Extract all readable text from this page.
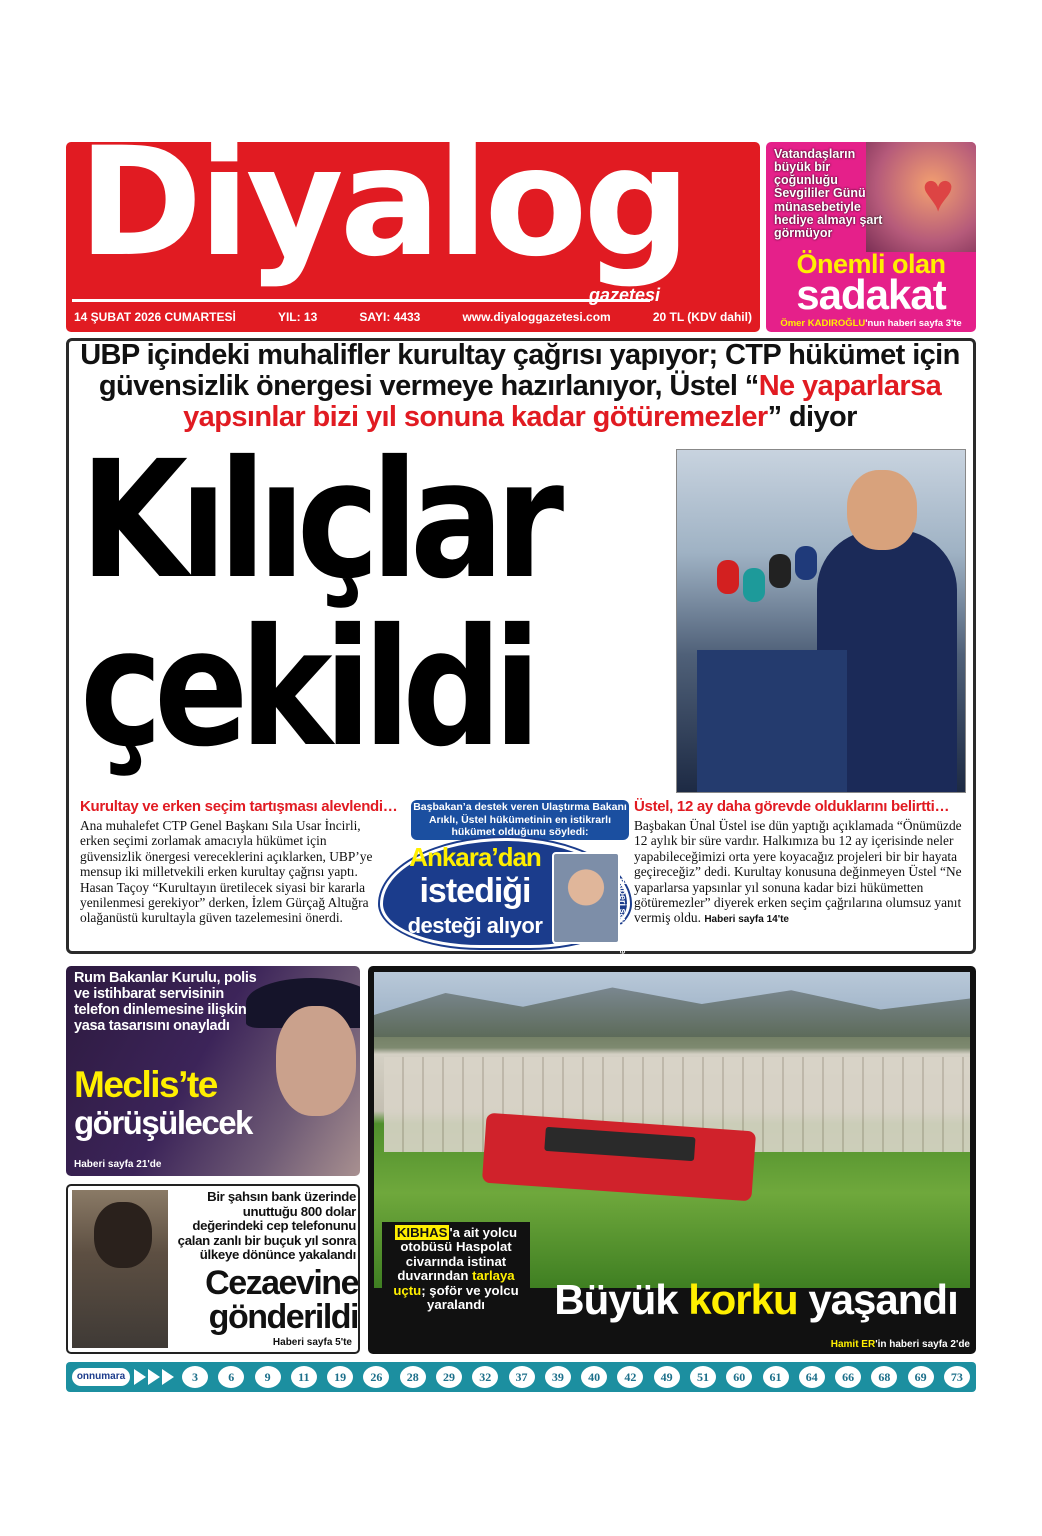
Diyalog
gazetesi
14 ŞUBAT 2026 CUMARTESİ	YIL: 13	SAYI: 4433	www.diyaloggazetesi.com	20 TL (KDV dahil)
♥
Vatandaşların büyük bir çoğunluğu Sevgililer Günü münasebetiyle hediye almayı şart görmüyor
Önemli olan
sadakat
Ömer KADIROĞLU'nun haberi sayfa 3'te
UBP içindeki muhalifler kurultay çağrısı yapıyor; CTP hükümet için güvensizlik önergesi vermeye hazırlanıyor, Üstel “Ne yaparlarsa yapsınlar bizi yıl sonuna kadar götüremezler” diyor
Kılıçlar
çekildi
Kurultay ve erken seçim tartışması alevlendi…
Ana muhalefet CTP Genel Başkanı Sıla Usar İncirli, erken seçimi zorlamak amacıyla hükümet için güvensizlik önergesi vereceklerini açıklarken, UBP’ye mensup iki milletvekili erken kurultay çağrısı yaptı. Hasan Taçoy “Kurultayın üretilecek siyasi bir kararla yenilenmesi gerekiyor” derken, İzlem Gürçağ Altuğra olağanüstü kurultayla güven tazelemesini önerdi.
Üstel, 12 ay daha görevde olduklarını belirtti…
Başbakan Ünal Üstel ise dün yaptığı açıklamada “Önümüzde 12 aylık bir süre vardır. Halkımıza bu 12 ay içerisinde neler yapabileceğimizi orta yere koyacağız projeleri bir bir hayata geçireceğiz” dedi. Kurultay konusuna değinmeyen Üstel “Ne yaparlarsa yapsınlar yıl sonuna kadar bizi hükümetten götüremezler” diyerek erken seçim çağrılarına olumsuz yanıt vermiş oldu. Haberi sayfa 14'te
Başbakan’a destek veren Ulaştırma Bakanı Arıklı, Üstel hükümetinin en istikrarlı hükümet olduğunu söyledi:
Ankara’dan
istediği
desteği alıyor	Haberi sayfa 14'te
Rum Bakanlar Kurulu, polis ve istihbarat servisinin telefon dinlemesine ilişkin yasa tasarısını onayladı
Meclis’te
görüşülecek
Haberi sayfa 21'de
Bir şahsın bank üzerinde unuttuğu 800 dolar değerindeki cep telefonunu çalan zanlı bir buçuk yıl sonra ülkeye dönünce yakalandı
Cezaevine
gönderildi
Haberi sayfa 5'te
KIBHAS 'a ait yolcu otobüsü Haspolat civarında istinat duvarından tarlaya uçtu; şoför ve yolcu yaralandı	Büyük korku yaşandı
Hamit ER'in haberi sayfa 2'de
onnumara	3	6	9	11	19	26	28	29	32	37	39	40	42	49	51	60	61	64	66	68	69	73
